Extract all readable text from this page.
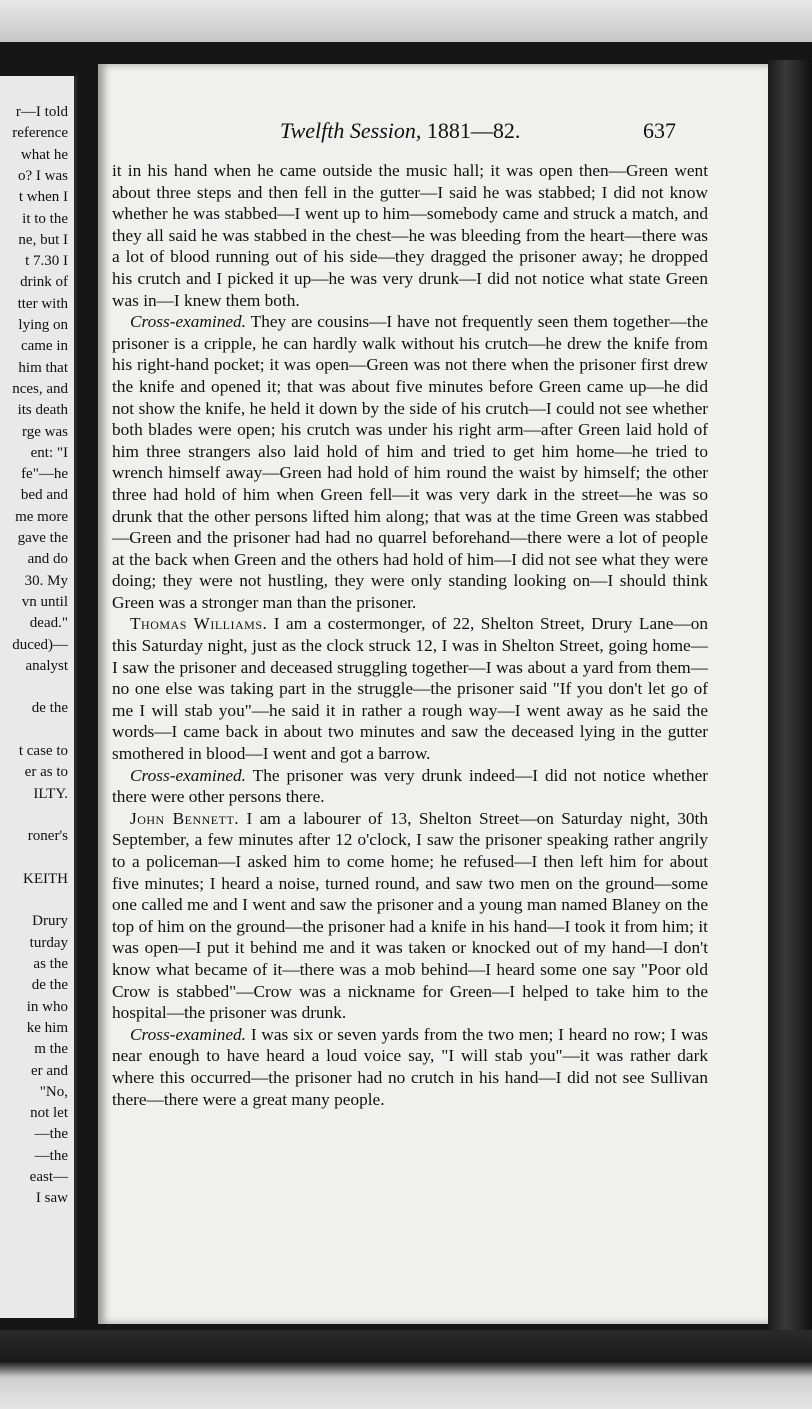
r—I told
reference
what he
o? I was
t when I
it to the
ne, but I
t 7.30 I
drink of
tter with
lying on
came in
him that
nces, and
its death
rge was
ent: "I
fe"—he
bed and
me more
gave the
and do
30. My
vn until
dead."
duced)—
analyst
de the
t case to
er as to
ILTY.
roner's
KEITH
Drury
turday
as the
de the
in who
ke him
m the
er and
"No,
not let
—the
—the
east—
I saw
Twelfth Session, 1881—82.	637

it in his hand when he came outside the music hall; it was open then—Green went about three steps and then fell in the gutter—I said he was stabbed; I did not know whether he was stabbed—I went up to him—somebody came and struck a match, and they all said he was stabbed in the chest—he was bleeding from the heart—there was a lot of blood running out of his side—they dragged the prisoner away; he dropped his crutch and I picked it up—he was very drunk—I did not notice what state Green was in—I knew them both.

Cross-examined. They are cousins—I have not frequently seen them together—the prisoner is a cripple, he can hardly walk without his crutch—he drew the knife from his right-hand pocket; it was open—Green was not there when the prisoner first drew the knife and opened it; that was about five minutes before Green came up—he did not show the knife, he held it down by the side of his crutch—I could not see whether both blades were open; his crutch was under his right arm—after Green laid hold of him three strangers also laid hold of him and tried to get him home—he tried to wrench himself away—Green had hold of him round the waist by himself; the other three had hold of him when Green fell—it was very dark in the street—he was so drunk that the other persons lifted him along; that was at the time Green was stabbed—Green and the prisoner had had no quarrel beforehand—there were a lot of people at the back when Green and the others had hold of him—I did not see what they were doing; they were not hustling, they were only standing looking on—I should think Green was a stronger man than the prisoner.

Thomas Williams. I am a costermonger, of 22, Shelton Street, Drury Lane—on this Saturday night, just as the clock struck 12, I was in Shelton Street, going home—I saw the prisoner and deceased struggling together—I was about a yard from them—no one else was taking part in the struggle—the prisoner said "If you don't let go of me I will stab you"—he said it in rather a rough way—I went away as he said the words—I came back in about two minutes and saw the deceased lying in the gutter smothered in blood—I went and got a barrow.

Cross-examined. The prisoner was very drunk indeed—I did not notice whether there were other persons there.

John Bennett. I am a labourer of 13, Shelton Street—on Saturday night, 30th September, a few minutes after 12 o'clock, I saw the prisoner speaking rather angrily to a policeman—I asked him to come home; he refused—I then left him for about five minutes; I heard a noise, turned round, and saw two men on the ground—some one called me and I went and saw the prisoner and a young man named Blaney on the top of him on the ground—the prisoner had a knife in his hand—I took it from him; it was open—I put it behind me and it was taken or knocked out of my hand—I don't know what became of it—there was a mob behind—I heard some one say "Poor old Crow is stabbed"—Crow was a nickname for Green—I helped to take him to the hospital—the prisoner was drunk.

Cross-examined. I was six or seven yards from the two men; I heard no row; I was near enough to have heard a loud voice say, "I will stab you"—it was rather dark where this occurred—the prisoner had no crutch in his hand—I did not see Sullivan there—there were a great many people.
